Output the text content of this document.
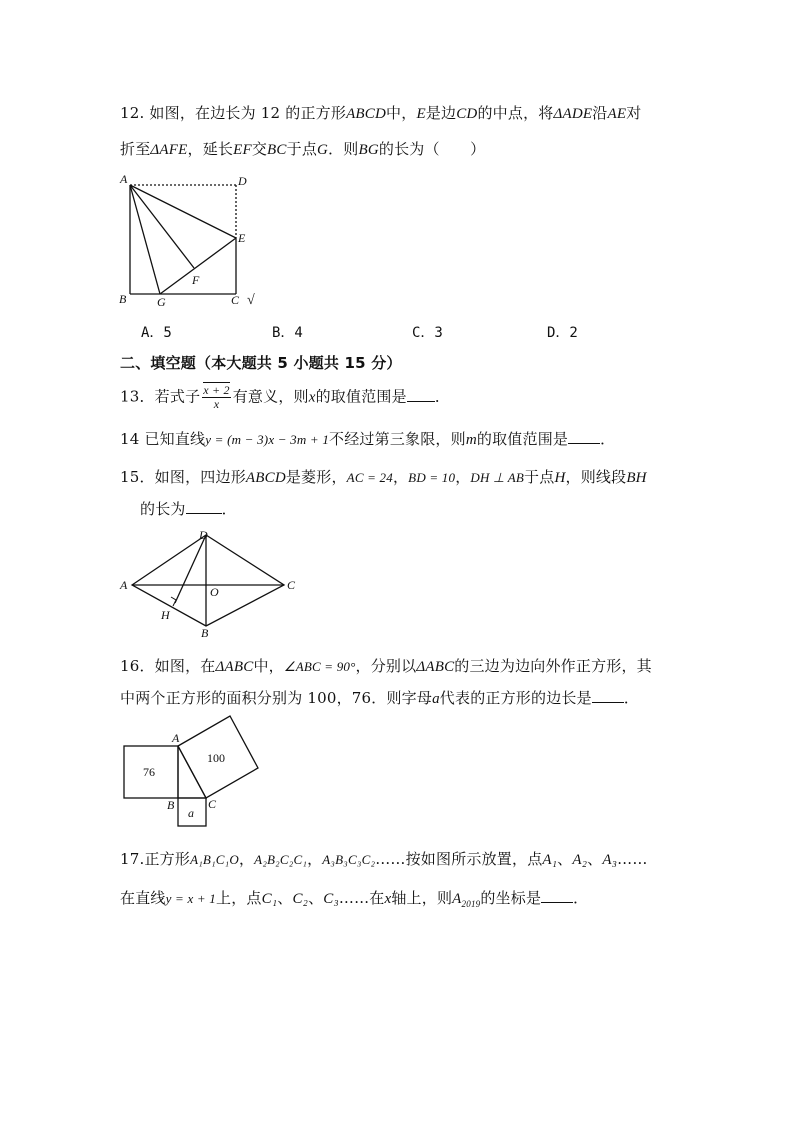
12. 如图，在边长为 12 的正方形ABCD中，E是边CD的中点，将ΔADE沿AE对
折至ΔAFE，延长EF交BC于点G．则BG的长为（　　）
A	D
E
F
B	G	C √
A．5	B．4	C．3	D．2
二、填空题（本大题共 5 小题共 15 分）
13．若式子 $\frac{x + 2}{x}$ 有意义，则x的取值范围是 ．
14 已知直线y = (m − 3)x − 3m + 1不经过第三象限，则m的取值范围是 ．
15．如图，四边形ABCD是菱形，AC = 24，BD = 10，DH ⊥ AB于点H，则线段BH
的长为 ．
A
D
C
O
H
B
16．如图，在ΔABC中，∠ABC = 90°，分别以ΔABC的三边为边向外作正方形，其
中两个正方形的面积分别为 100，76．则字母a代表的正方形的边长是 ．
A
B	C
76
100
a
17.正方形A₁B₁C₁O，A₂B₂C₂C₁，A₃B₃C₃C₂……按如图所示放置，点A₁、A₂、A₃……
在直线y = x + 1上，点C₁、C₂、C₃……在x轴上，则$A_{2019}$的坐标是 ．
